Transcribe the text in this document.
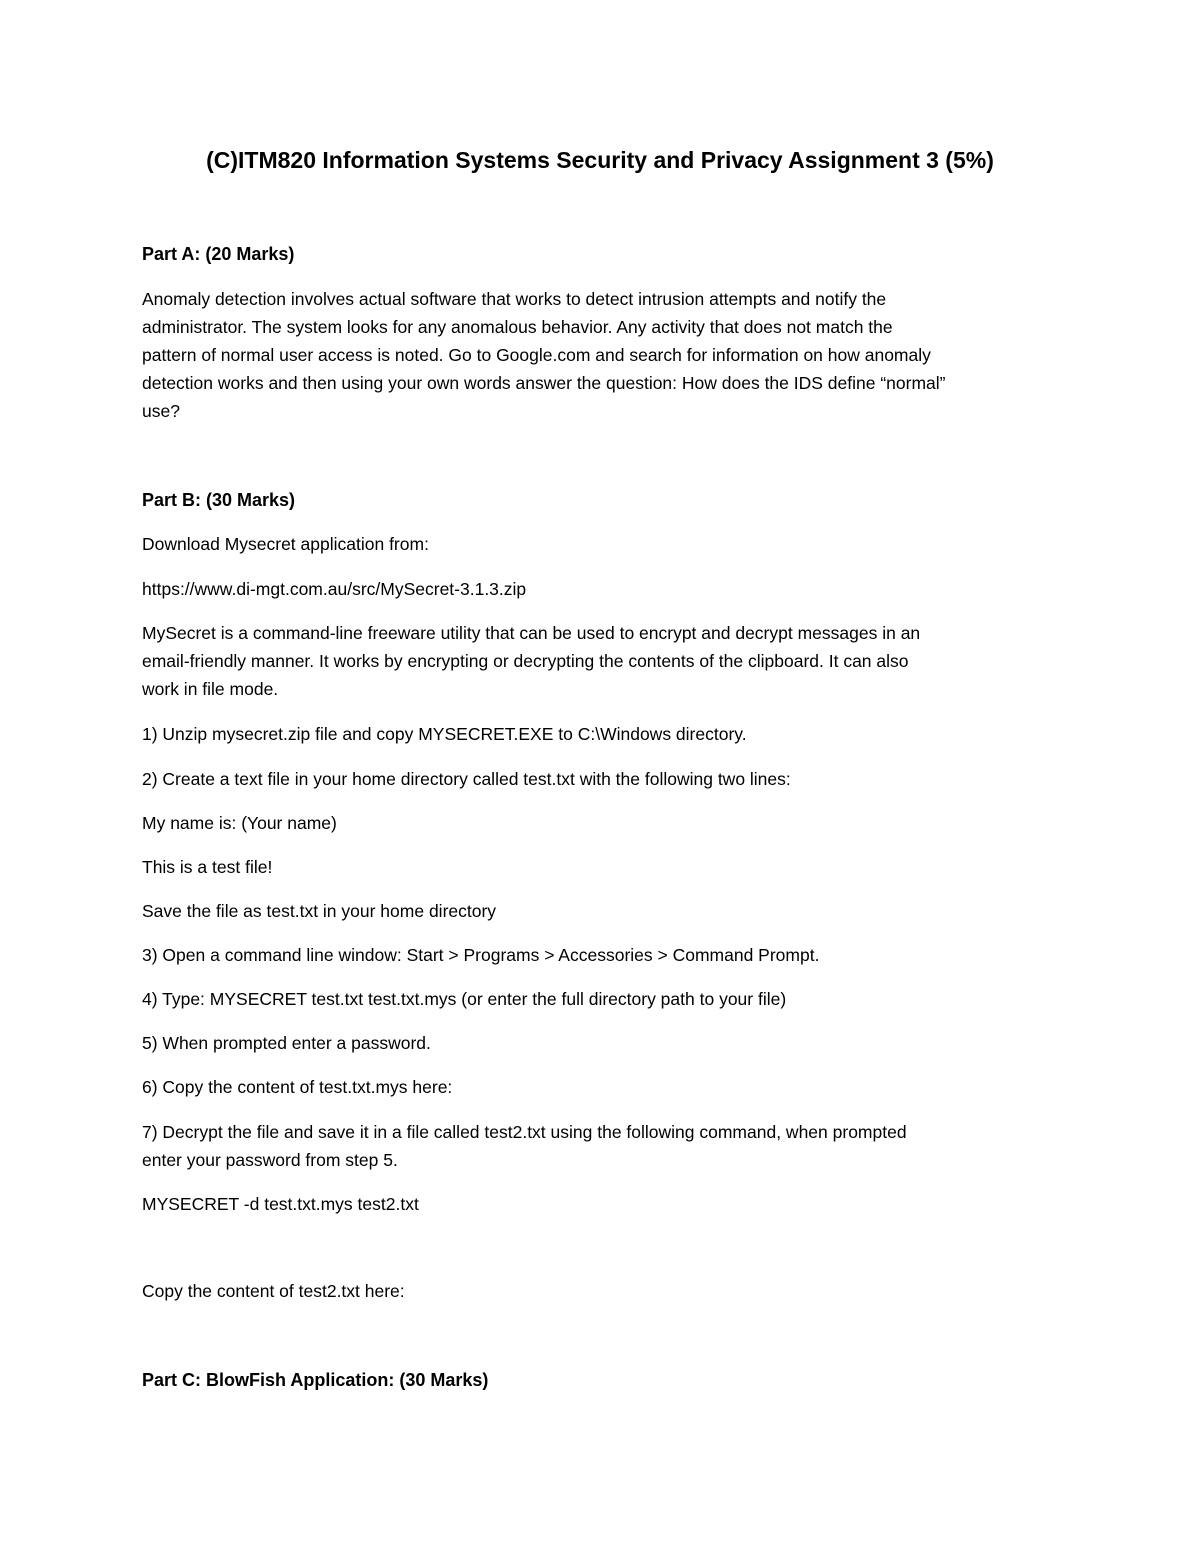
(C)ITM820 Information Systems Security and Privacy Assignment 3 (5%)
Part A: (20 Marks)
Anomaly detection involves actual software that works to detect intrusion attempts and notify the
administrator. The system looks for any anomalous behavior. Any activity that does not match the
pattern of normal user access is noted. Go to Google.com and search for information on how anomaly
detection works and then using your own words answer the question: How does the IDS define “normal”
use?
Part B: (30 Marks)
Download Mysecret application from:
https://www.di-mgt.com.au/src/MySecret-3.1.3.zip
MySecret is a command-line freeware utility that can be used to encrypt and decrypt messages in an
email-friendly manner. It works by encrypting or decrypting the contents of the clipboard. It can also
work in file mode.
1) Unzip mysecret.zip file and copy MYSECRET.EXE to C:\Windows directory.
2) Create a text file in your home directory called test.txt with the following two lines:
My name is: (Your name)
This is a test file!
Save the file as test.txt in your home directory
3) Open a command line window: Start > Programs > Accessories > Command Prompt.
4) Type: MYSECRET test.txt test.txt.mys (or enter the full directory path to your file)
5) When prompted enter a password.
6) Copy the content of test.txt.mys here:
7) Decrypt the file and save it in a file called test2.txt using the following command, when prompted
enter your password from step 5.
MYSECRET -d test.txt.mys test2.txt
Copy the content of test2.txt here:
Part C: BlowFish Application: (30 Marks)
